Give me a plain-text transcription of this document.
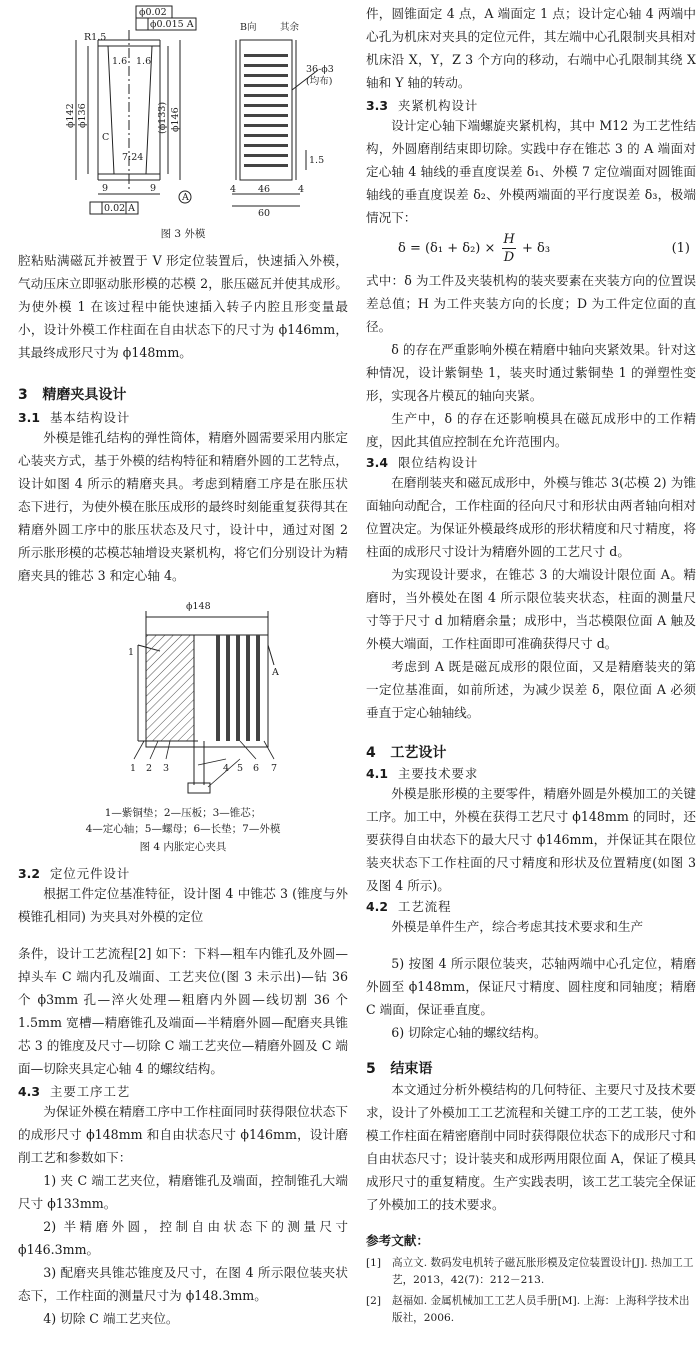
ϕ0.02
ϕ0.015 A
R1.5
1.6 1.6
ϕ142 ϕ136	(ϕ133) ϕ146
C
7:24
9	9
A
0.02 A
B向 其余
36-ϕ3
(均布)
1.5
4 46	4
60
图 3 外模

腔粘贴满磁瓦并被置于 V 形定位装置后，快速插入外模，气动压床立即驱动胀形模的芯模 2，胀压磁瓦并使其成形。为使外模 1 在该过程中能快速插入转子内腔且形变量最小，设计外模工作柱面在自由状态下的尺寸为 ϕ146mm，其最终成形尺寸为 ϕ148mm。

3 精磨夹具设计
3.1 基本结构设计

外模是锥孔结构的弹性筒体，精磨外圆需要采用内胀定心装夹方式，基于外模的结构特征和精磨外圆的工艺特点，设计如图 4 所示的精磨夹具。考虑到精磨工序是在胀压状态下进行，为使外模在胀压成形的最终时刻能重复获得其在精磨外圆工序中的胀压状态及尺寸，设计中，通过对图 2 所示胀形模的芯模芯轴增设夹紧机构，将它们分别设计为精磨夹具的锥芯 3 和定心轴 4。

ϕ148
A
1
1 2 3	4 5 6 7
1—紫铜垫；2—压板；3—锥芯；
4—定心轴；5—螺母；6—长垫；7—外模
图 4 内胀定心夹具
3.2 定位元件设计

根据工件定位基准特征，设计图 4 中锥芯 3 (锥度与外模锥孔相同) 为夹具对外模的定位

条件，设计工艺流程[2] 如下：下料—粗车内锥孔及外圆—掉头车 C 端内孔及端面、工艺夹位(图 3 未示出)—钻 36 个 ϕ3mm 孔—淬火处理—粗磨内外圆—线切割 36 个 1.5mm 宽槽—精磨锥孔及端面—半精磨外圆—配磨夹具锥芯 3 的锥度及尺寸—切除 C 端工艺夹位—精磨外圆及 C 端面—切除夹具定心轴 4 的螺纹结构。

4.3 主要工序工艺

为保证外模在精磨工序中工作柱面同时获得限位状态下的成形尺寸 ϕ148mm 和自由状态尺寸 ϕ146mm，设计磨削工艺和参数如下：

1) 夹 C 端工艺夹位，精磨锥孔及端面，控制锥孔大端尺寸 ϕ133mm。

2) 半精磨外圆，控制自由状态下的测量尺寸 ϕ146.3mm。

3) 配磨夹具锥芯锥度及尺寸，在图 4 所示限位装夹状态下，工作柱面的测量尺寸为 ϕ148.3mm。

4) 切除 C 端工艺夹位。

件，圆锥面定 4 点，A 端面定 1 点；设计定心轴 4 两端中心孔为机床对夹具的定位元件，其左端中心孔限制夹具相对机床沿 X，Y，Z 3 个方向的移动，右端中心孔限制其绕 X 轴和 Y 轴的转动。

3.3 夹紧机构设计

设计定心轴下端螺旋夹紧机构，其中 M12 为工艺性结构，外圆磨削结束即切除。实践中存在锥芯 3 的 A 端面对定心轴 4 轴线的垂直度误差 δ₁、外模 7 定位端面对圆锥面轴线的垂直度误差 δ₂、外模两端面的平行度误差 δ₃，极端情况下：

$\delta = (\delta_1 + \delta_2) \times \frac{H}{D} + \delta_3$	(1)

式中：δ 为工件及夹装机构的装夹要素在夹装方向的位置误差总值；H 为工件夹装方向的长度；D 为工件定位面的直径。

δ 的存在严重影响外模在精磨中轴向夹紧效果。针对这种情况，设计紫铜垫 1，装夹时通过紫铜垫 1 的弹塑性变形，实现各片模瓦的轴向夹紧。

生产中，δ 的存在还影响模具在磁瓦成形中的工作精度，因此其值应控制在允许范围内。

3.4 限位结构设计

在磨削装夹和磁瓦成形中，外模与锥芯 3(芯模 2) 为锥面轴向动配合，工作柱面的径向尺寸和形状由两者轴向相对位置决定。为保证外模最终成形的形状精度和尺寸精度，将柱面的成形尺寸设计为精磨外圆的工艺尺寸 d。

为实现设计要求，在锥芯 3 的大端设计限位面 A。精磨时，当外模处在图 4 所示限位装夹状态，柱面的测量尺寸等于尺寸 d 加精磨余量；成形中，当芯模限位面 A 触及外模大端面，工作柱面即可准确获得尺寸 d。

考虑到 A 既是磁瓦成形的限位面，又是精磨装夹的第一定位基准面，如前所述，为减少误差 δ，限位面 A 必须垂直于定心轴轴线。

4 工艺设计
4.1 主要技术要求

外模是胀形模的主要零件，精磨外圆是外模加工的关键工序。加工中，外模在获得工艺尺寸 ϕ148mm 的同时，还要获得自由状态下的最大尺寸 ϕ146mm，并保证其在限位装夹状态下工作柱面的尺寸精度和形状及位置精度(如图 3 及图 4 所示)。

4.2 工艺流程

外模是单件生产，综合考虑其技术要求和生产

5) 按图 4 所示限位装夹，芯轴两端中心孔定位，精磨外圆至 ϕ148mm，保证尺寸精度、圆柱度和同轴度；精磨 C 端面，保证垂直度。

6) 切除定心轴的螺纹结构。

5 结束语

本文通过分析外模结构的几何特征、主要尺寸及技术要求，设计了外模加工工艺流程和关键工序的工艺工装，使外模工作柱面在精密磨削中同时获得限位状态下的成形尺寸和自由状态尺寸；设计装夹和成形两用限位面 A，保证了模具成形尺寸的重复精度。生产实践表明，该工艺工装完全保证了外模加工的技术要求。

参考文献：
[1]	高立文. 数码发电机转子磁瓦胀形模及定位装置设计[J]. 热加工工艺，2013，42(7)：212－213.
[2]	赵福如. 金属机械加工工艺人员手册[M]. 上海：上海科学技术出版社，2006.
